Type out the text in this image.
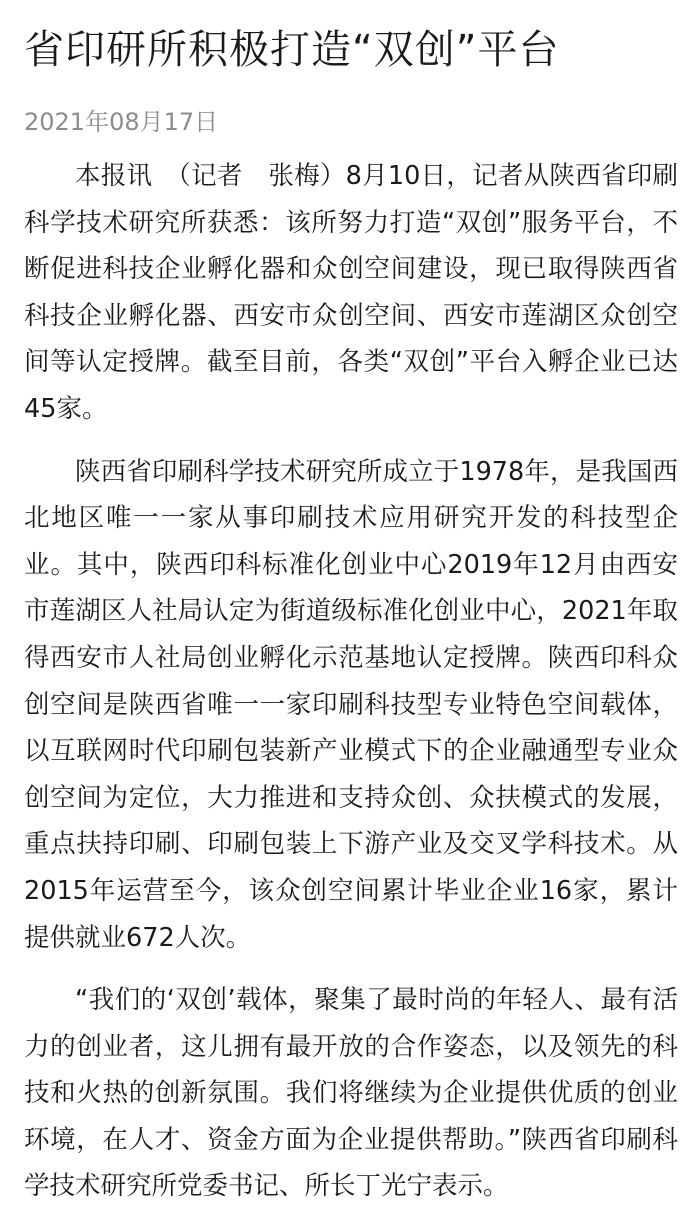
省印研所积极打造“双创”平台
2021年08月17日

本报讯　（记者　张梅）8月10日，记者从陕西省印刷科学技术研究所获悉：该所努力打造“双创”服务平台，不断促进科技企业孵化器和众创空间建设，现已取得陕西省科技企业孵化器、西安市众创空间、西安市莲湖区众创空间等认定授牌。截至目前，各类“双创”平台入孵企业已达45家。

陕西省印刷科学技术研究所成立于1978年，是我国西北地区唯一一家从事印刷技术应用研究开发的科技型企业。其中，陕西印科标准化创业中心2019年12月由西安市莲湖区人社局认定为街道级标准化创业中心，2021年取得西安市人社局创业孵化示范基地认定授牌。陕西印科众创空间是陕西省唯一一家印刷科技型专业特色空间载体，以互联网时代印刷包装新产业模式下的企业融通型专业众创空间为定位，大力推进和支持众创、众扶模式的发展，重点扶持印刷、印刷包装上下游产业及交叉学科技术。从2015年运营至今，该众创空间累计毕业企业16家，累计提供就业672人次。

“我们的‘双创’载体，聚集了最时尚的年轻人、最有活力的创业者，这儿拥有最开放的合作姿态，以及领先的科技和火热的创新氛围。我们将继续为企业提供优质的创业环境，在人才、资金方面为企业提供帮助。”陕西省印刷科学技术研究所党委书记、所长丁光宁表示。
